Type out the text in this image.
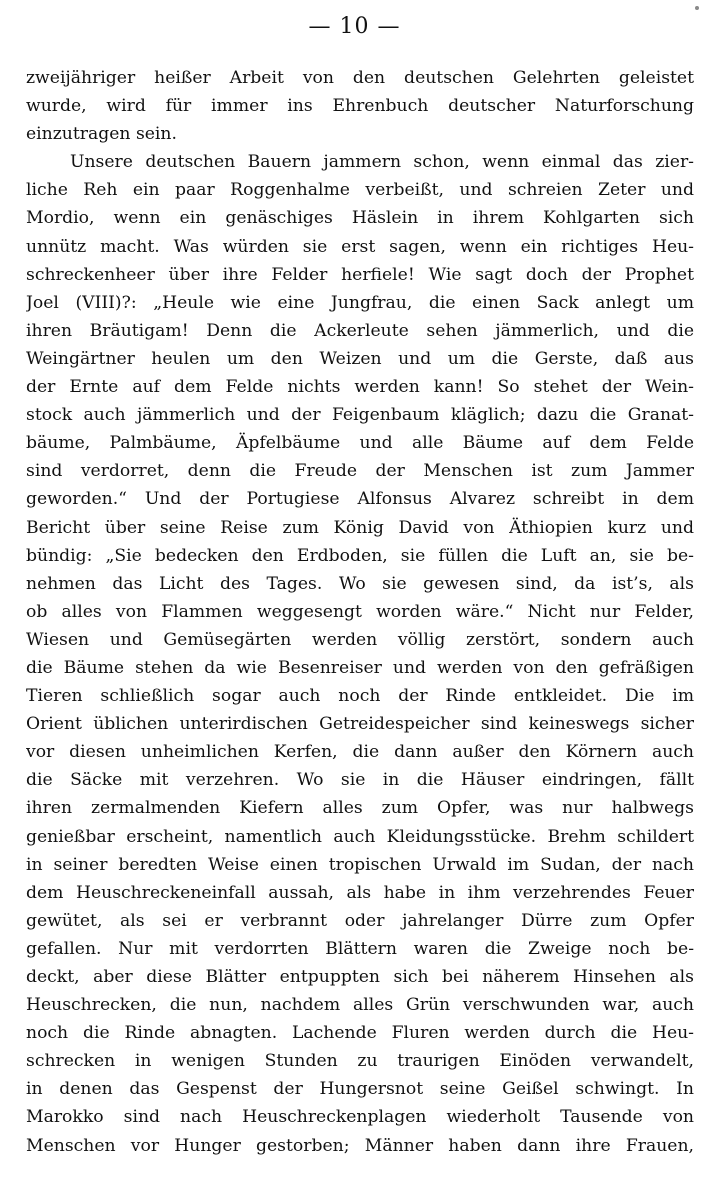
— 10 —
zweijähriger heißer Arbeit von den deutschen Gelehrten geleistet
wurde, wird für immer ins Ehrenbuch deutscher Naturforschung
einzutragen sein.
Unsere deutschen Bauern jammern schon, wenn einmal das zier-
liche Reh ein paar Roggenhalme verbeißt, und schreien Zeter und
Mordio, wenn ein genäschiges Häslein in ihrem Kohlgarten sich
unnütz macht. Was würden sie erst sagen, wenn ein richtiges Heu-
schreckenheer über ihre Felder herfiele! Wie sagt doch der Prophet
Joel (VIII)?: „Heule wie eine Jungfrau, die einen Sack anlegt um
ihren Bräutigam! Denn die Ackerleute sehen jämmerlich, und die
Weingärtner heulen um den Weizen und um die Gerste, daß aus
der Ernte auf dem Felde nichts werden kann! So stehet der Wein-
stock auch jämmerlich und der Feigenbaum kläglich; dazu die Granat-
bäume, Palmbäume, Äpfelbäume und alle Bäume auf dem Felde
sind verdorret, denn die Freude der Menschen ist zum Jammer
geworden.“ Und der Portugiese Alfonsus Alvarez schreibt in dem
Bericht über seine Reise zum König David von Äthiopien kurz und
bündig: „Sie bedecken den Erdboden, sie füllen die Luft an, sie be-
nehmen das Licht des Tages. Wo sie gewesen sind, da ist’s, als
ob alles von Flammen weggesengt worden wäre.“ Nicht nur Felder,
Wiesen und Gemüsegärten werden völlig zerstört, sondern auch
die Bäume stehen da wie Besenreiser und werden von den gefräßigen
Tieren schließlich sogar auch noch der Rinde entkleidet. Die im
Orient üblichen unterirdischen Getreidespeicher sind keineswegs sicher
vor diesen unheimlichen Kerfen, die dann außer den Körnern auch
die Säcke mit verzehren. Wo sie in die Häuser eindringen, fällt
ihren zermalmenden Kiefern alles zum Opfer, was nur halbwegs
genießbar erscheint, namentlich auch Kleidungsstücke. Brehm schildert
in seiner beredten Weise einen tropischen Urwald im Sudan, der nach
dem Heuschreckeneinfall aussah, als habe in ihm verzehrendes Feuer
gewütet, als sei er verbrannt oder jahrelanger Dürre zum Opfer
gefallen. Nur mit verdorrten Blättern waren die Zweige noch be-
deckt, aber diese Blätter entpuppten sich bei näherem Hinsehen als
Heuschrecken, die nun, nachdem alles Grün verschwunden war, auch
noch die Rinde abnagten. Lachende Fluren werden durch die Heu-
schrecken in wenigen Stunden zu traurigen Einöden verwandelt,
in denen das Gespenst der Hungersnot seine Geißel schwingt. In
Marokko sind nach Heuschreckenplagen wiederholt Tausende von
Menschen vor Hunger gestorben; Männer haben dann ihre Frauen,
